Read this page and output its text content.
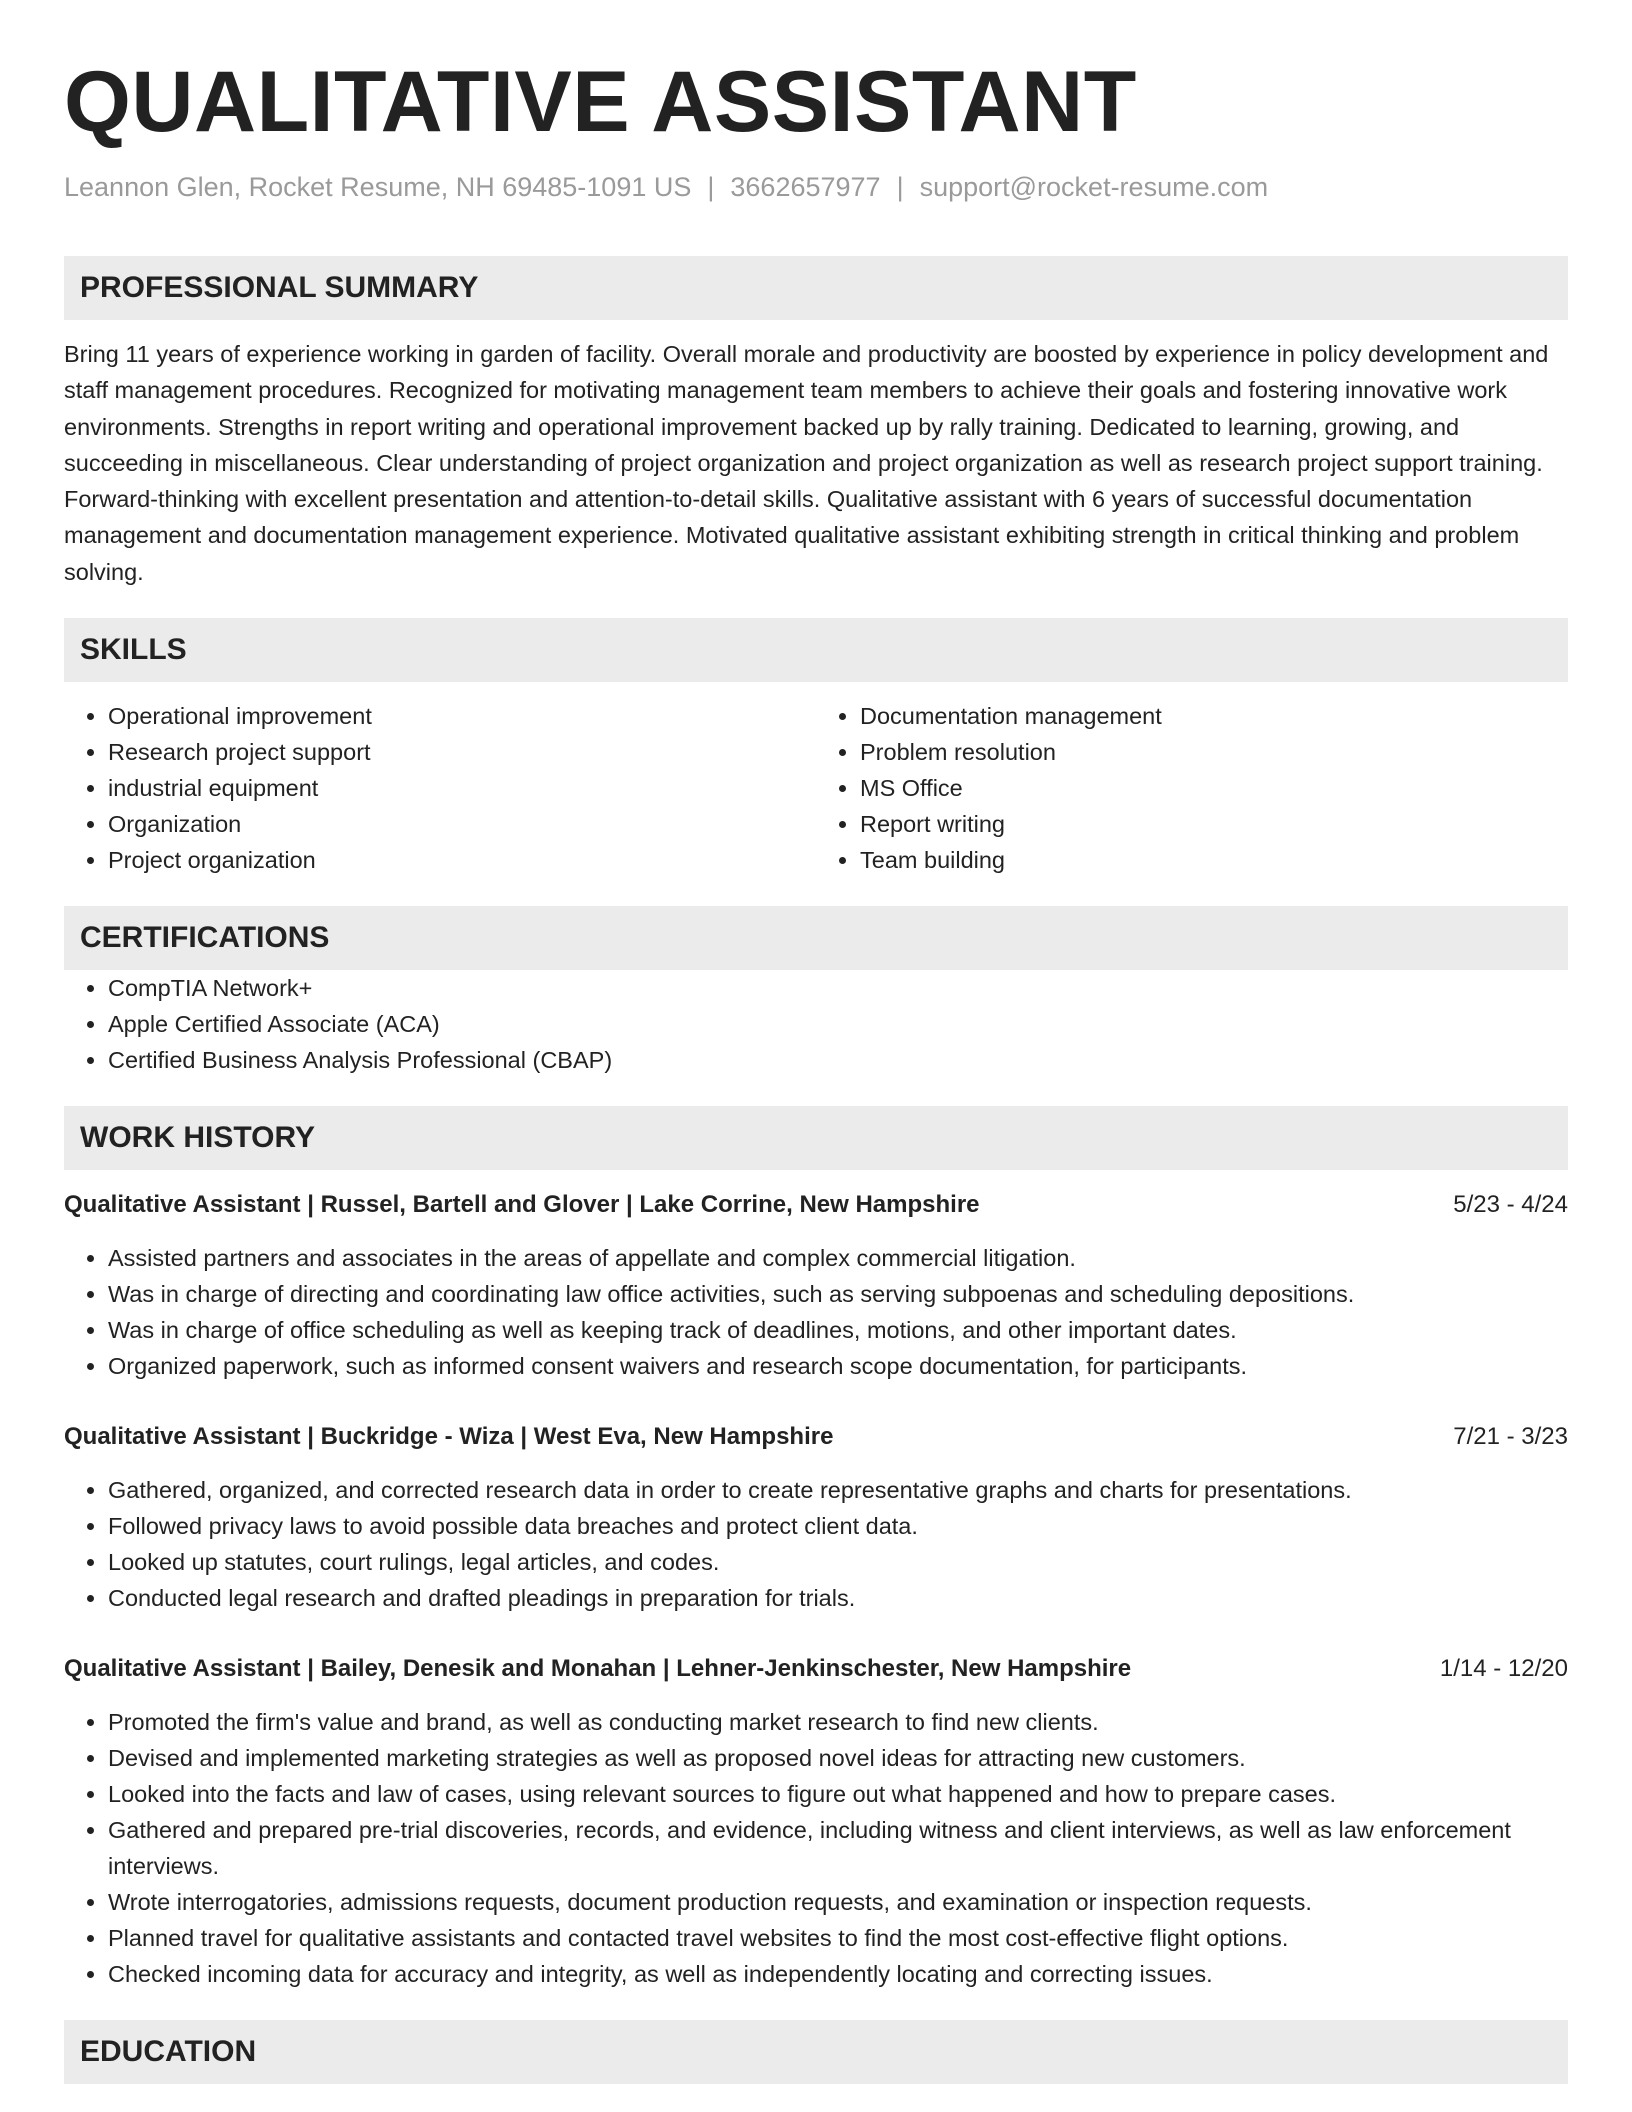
QUALITATIVE ASSISTANT
Leannon Glen, Rocket Resume, NH 69485-1091 US | 3662657977 | support@rocket-resume.com
PROFESSIONAL SUMMARY
Bring 11 years of experience working in garden of facility. Overall morale and productivity are boosted by experience in policy development and staff management procedures. Recognized for motivating management team members to achieve their goals and fostering innovative work environments. Strengths in report writing and operational improvement backed up by rally training. Dedicated to learning, growing, and succeeding in miscellaneous. Clear understanding of project organization and project organization as well as research project support training. Forward-thinking with excellent presentation and attention-to-detail skills. Qualitative assistant with 6 years of successful documentation management and documentation management experience. Motivated qualitative assistant exhibiting strength in critical thinking and problem solving.
SKILLS
• Operational improvement
• Research project support
• industrial equipment
• Organization
• Project organization
• Documentation management
• Problem resolution
• MS Office
• Report writing
• Team building
CERTIFICATIONS
• CompTIA Network+
• Apple Certified Associate (ACA)
• Certified Business Analysis Professional (CBAP)
WORK HISTORY
Qualitative Assistant | Russel, Bartell and Glover | Lake Corrine, New Hampshire	5/23 - 4/24
• Assisted partners and associates in the areas of appellate and complex commercial litigation.
• Was in charge of directing and coordinating law office activities, such as serving subpoenas and scheduling depositions.
• Was in charge of office scheduling as well as keeping track of deadlines, motions, and other important dates.
• Organized paperwork, such as informed consent waivers and research scope documentation, for participants.
Qualitative Assistant | Buckridge - Wiza | West Eva, New Hampshire	7/21 - 3/23
• Gathered, organized, and corrected research data in order to create representative graphs and charts for presentations.
• Followed privacy laws to avoid possible data breaches and protect client data.
• Looked up statutes, court rulings, legal articles, and codes.
• Conducted legal research and drafted pleadings in preparation for trials.
Qualitative Assistant | Bailey, Denesik and Monahan | Lehner-Jenkinschester, New Hampshire	1/14 - 12/20
• Promoted the firm's value and brand, as well as conducting market research to find new clients.
• Devised and implemented marketing strategies as well as proposed novel ideas for attracting new customers.
• Looked into the facts and law of cases, using relevant sources to figure out what happened and how to prepare cases.
• Gathered and prepared pre-trial discoveries, records, and evidence, including witness and client interviews, as well as law enforcement interviews.
• Wrote interrogatories, admissions requests, document production requests, and examination or inspection requests.
• Planned travel for qualitative assistants and contacted travel websites to find the most cost-effective flight options.
• Checked incoming data for accuracy and integrity, as well as independently locating and correcting issues.
EDUCATION
